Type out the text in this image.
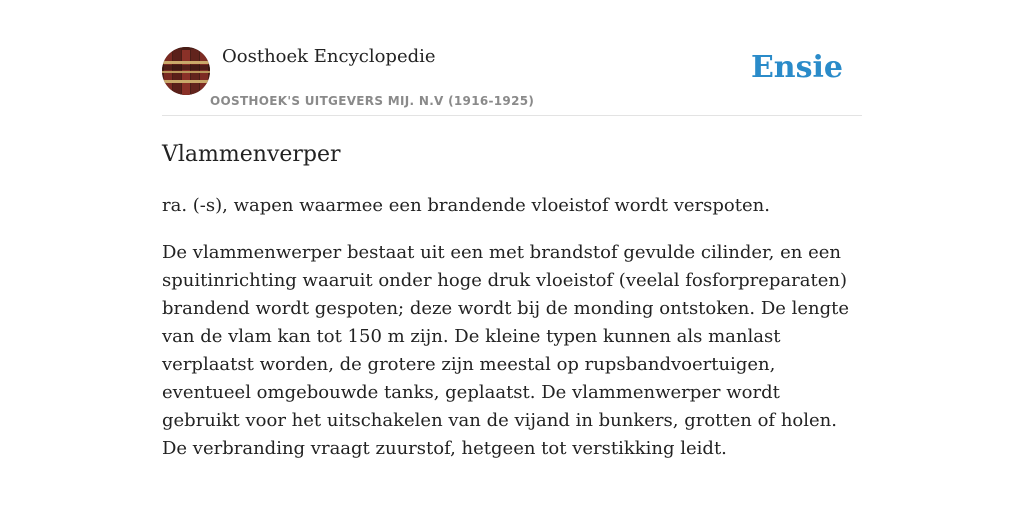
Oosthoek Encyclopedie
OOSTHOEK'S UITGEVERS MIJ. N.V (1916-1925)
Ensie
Vlammenverper

ra. (-s), wapen waarmee een brandende vloeistof wordt verspoten.

De vlammenwerper bestaat uit een met brandstof gevulde cilinder, en een spuitinrichting waaruit onder hoge druk vloeistof (veelal fosforpreparaten) brandend wordt gespoten; deze wordt bij de monding ontstoken. De lengte van de vlam kan tot 150 m zijn. De kleine typen kunnen als manlast verplaatst worden, de grotere zijn meestal op rupsbandvoertuigen, eventueel omgebouwde tanks, geplaatst. De vlammenwerper wordt gebruikt voor het uitschakelen van de vijand in bunkers, grotten of holen. De verbranding vraagt zuurstof, hetgeen tot verstikking leidt.
